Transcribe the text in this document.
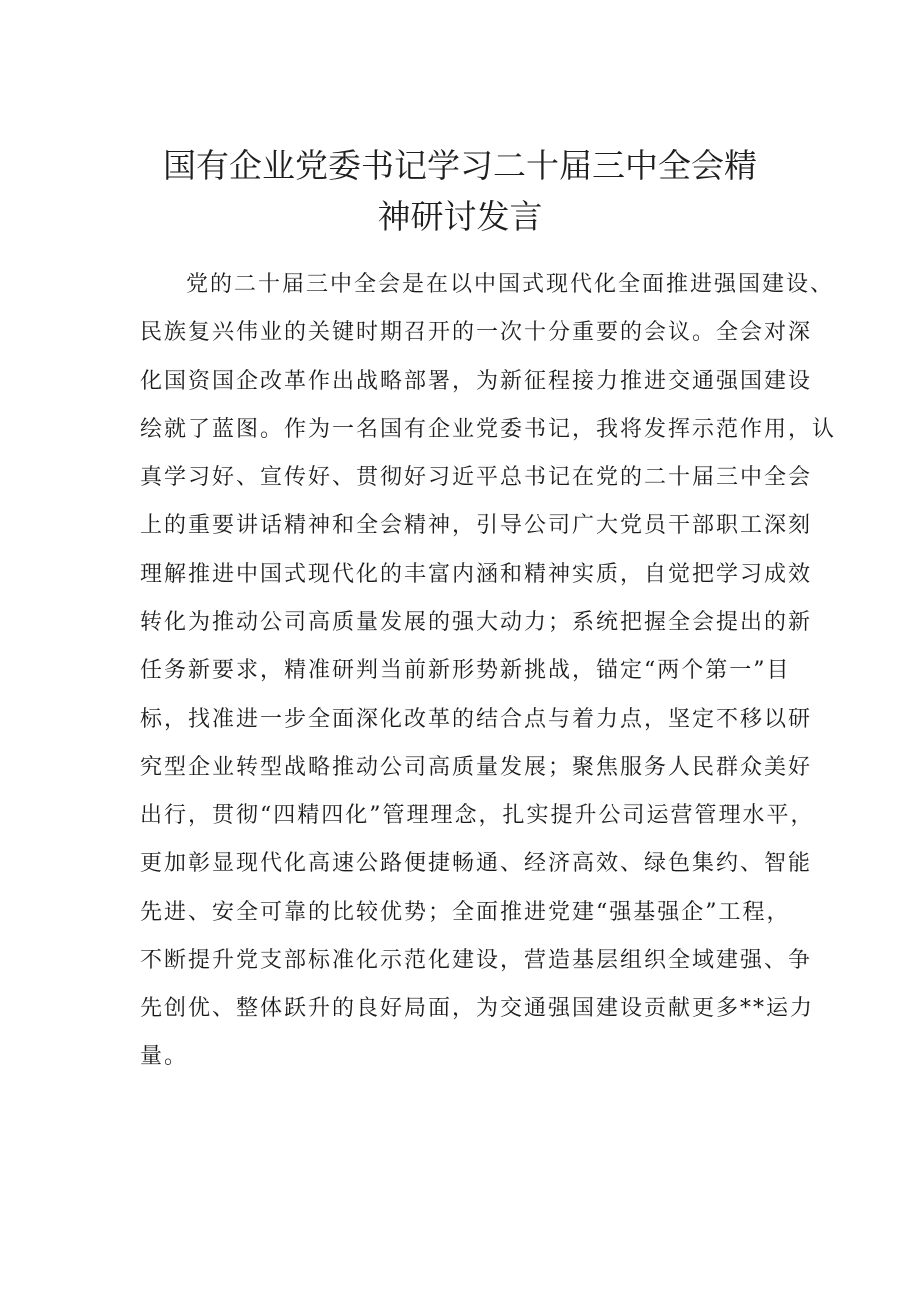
国有企业党委书记学习二十届三中全会精
神研讨发言
党的二十届三中全会是在以中国式现代化全面推进强国建设、
民族复兴伟业的关键时期召开的一次十分重要的会议。全会对深
化国资国企改革作出战略部署，为新征程接力推进交通强国建设
绘就了蓝图。作为一名国有企业党委书记，我将发挥示范作用，认
真学习好、宣传好、贯彻好习近平总书记在党的二十届三中全会
上的重要讲话精神和全会精神，引导公司广大党员干部职工深刻
理解推进中国式现代化的丰富内涵和精神实质，自觉把学习成效
转化为推动公司高质量发展的强大动力；系统把握全会提出的新
任务新要求，精准研判当前新形势新挑战，锚定“两个第一”目
标，找准进一步全面深化改革的结合点与着力点，坚定不移以研
究型企业转型战略推动公司高质量发展；聚焦服务人民群众美好
出行，贯彻“四精四化”管理理念，扎实提升公司运营管理水平，
更加彰显现代化高速公路便捷畅通、经济高效、绿色集约、智能
先进、安全可靠的比较优势；全面推进党建“强基强企”工程，
不断提升党支部标准化示范化建设，营造基层组织全域建强、争
先创优、整体跃升的良好局面，为交通强国建设贡献更多**运力
量。
